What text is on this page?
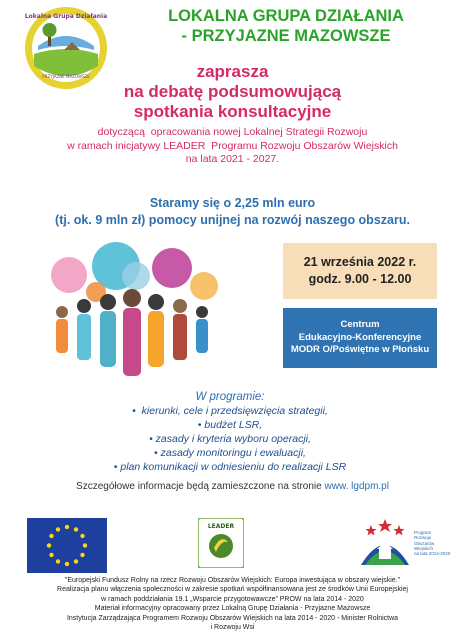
Lokalna Grupa Działania
PRZYJAZNE MAZOWSZE
LOKALNA GRUPA DZIAŁANIA
- PRZYJAZNE MAZOWSZE
zaprasza
na debatę podsumowującą
spotkania konsultacyjne
dotyczącą  opracowania nowej Lokalnej Strategii Rozwoju
w ramach inicjatywy LEADER  Programu Rozwoju Obszarów Wiejskich
na lata 2021 - 2027.
Staramy się o 2,25 mln euro
(tj. ok. 9 mln zł) pomocy unijnej na rozwój naszego obszaru.
21 września 2022 r.
godz. 9.00 - 12.00
Centrum
Edukacyjno-Konferencyjne
MODR O/Poświętne w Płońsku
W programie:
•  kierunki, cele i przedsięwzięcia strategii,
• budżet LSR,
• zasady i kryteria wyboru operacji,
• zasady monitoringu i ewaluacji,
• plan komunikacji w odniesieniu do realizacji LSR
Szczegółowe informacje będą zamieszczone na stronie www. lgdpm.pl
LEADER
Program
Rozwoju
Obszarów
Wiejskich
na lata 2014-2020
"Europejski Fundusz Rolny na rzecz Rozwoju Obszarów Wiejskich: Europa inwestująca w obszary wiejskie."
Realizacja planu włączenia społeczności w zakresie spotkań współfinansowana jest ze środków Unii Europejskiej
w ramach poddziałania 19.1 „Wsparcie przygotowawcze” PROW na lata 2014 - 2020
Materiał informacyjny opracowany przez Lokalną Grupę Działania - Przyjazne Mazowsze
Instytucja Zarządzająca Programem Rozwoju Obszarów Wiejskich na lata 2014 - 2020 - Minister Rolnictwa
i Rozwoju Wsi
